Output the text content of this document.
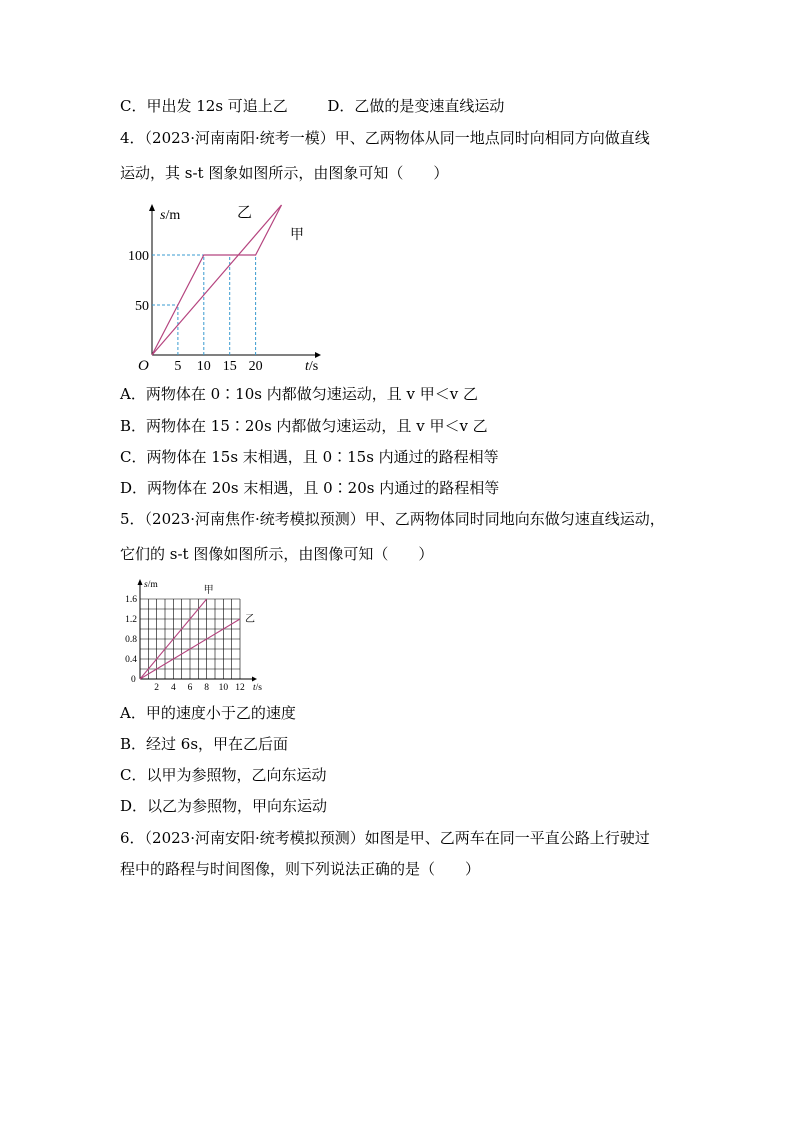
C．甲出发 12s 可追上乙	D．乙做的是变速直线运动
4．（2023·河南南阳·统考一模）甲、乙两物体从同一地点同时向相同方向做直线
运动，其 s-t 图象如图所示，由图象可知（　　）
乙
甲
5 10 15 20
50
100
O
s/m
t/s
A．两物体在 0∶10s 内都做匀速运动，且 v 甲＜v 乙
B．两物体在 15∶20s 内都做匀速运动，且 v 甲＜v 乙
C．两物体在 15s 末相遇，且 0∶15s 内通过的路程相等
D．两物体在 20s 末相遇，且 0∶20s 内通过的路程相等
5．（2023·河南焦作·统考模拟预测）甲、乙两物体同时同地向东做匀速直线运动，
它们的 s-t 图像如图所示，由图像可知（　　）
甲
乙
2 4 6 8 10 12
0.4
0.8
1.2
1.6
0
s/m
t/s
A．甲的速度小于乙的速度
B．经过 6s，甲在乙后面
C．以甲为参照物，乙向东运动
D．以乙为参照物，甲向东运动
6．（2023·河南安阳·统考模拟预测）如图是甲、乙两车在同一平直公路上行驶过
程中的路程与时间图像，则下列说法正确的是（　　）
